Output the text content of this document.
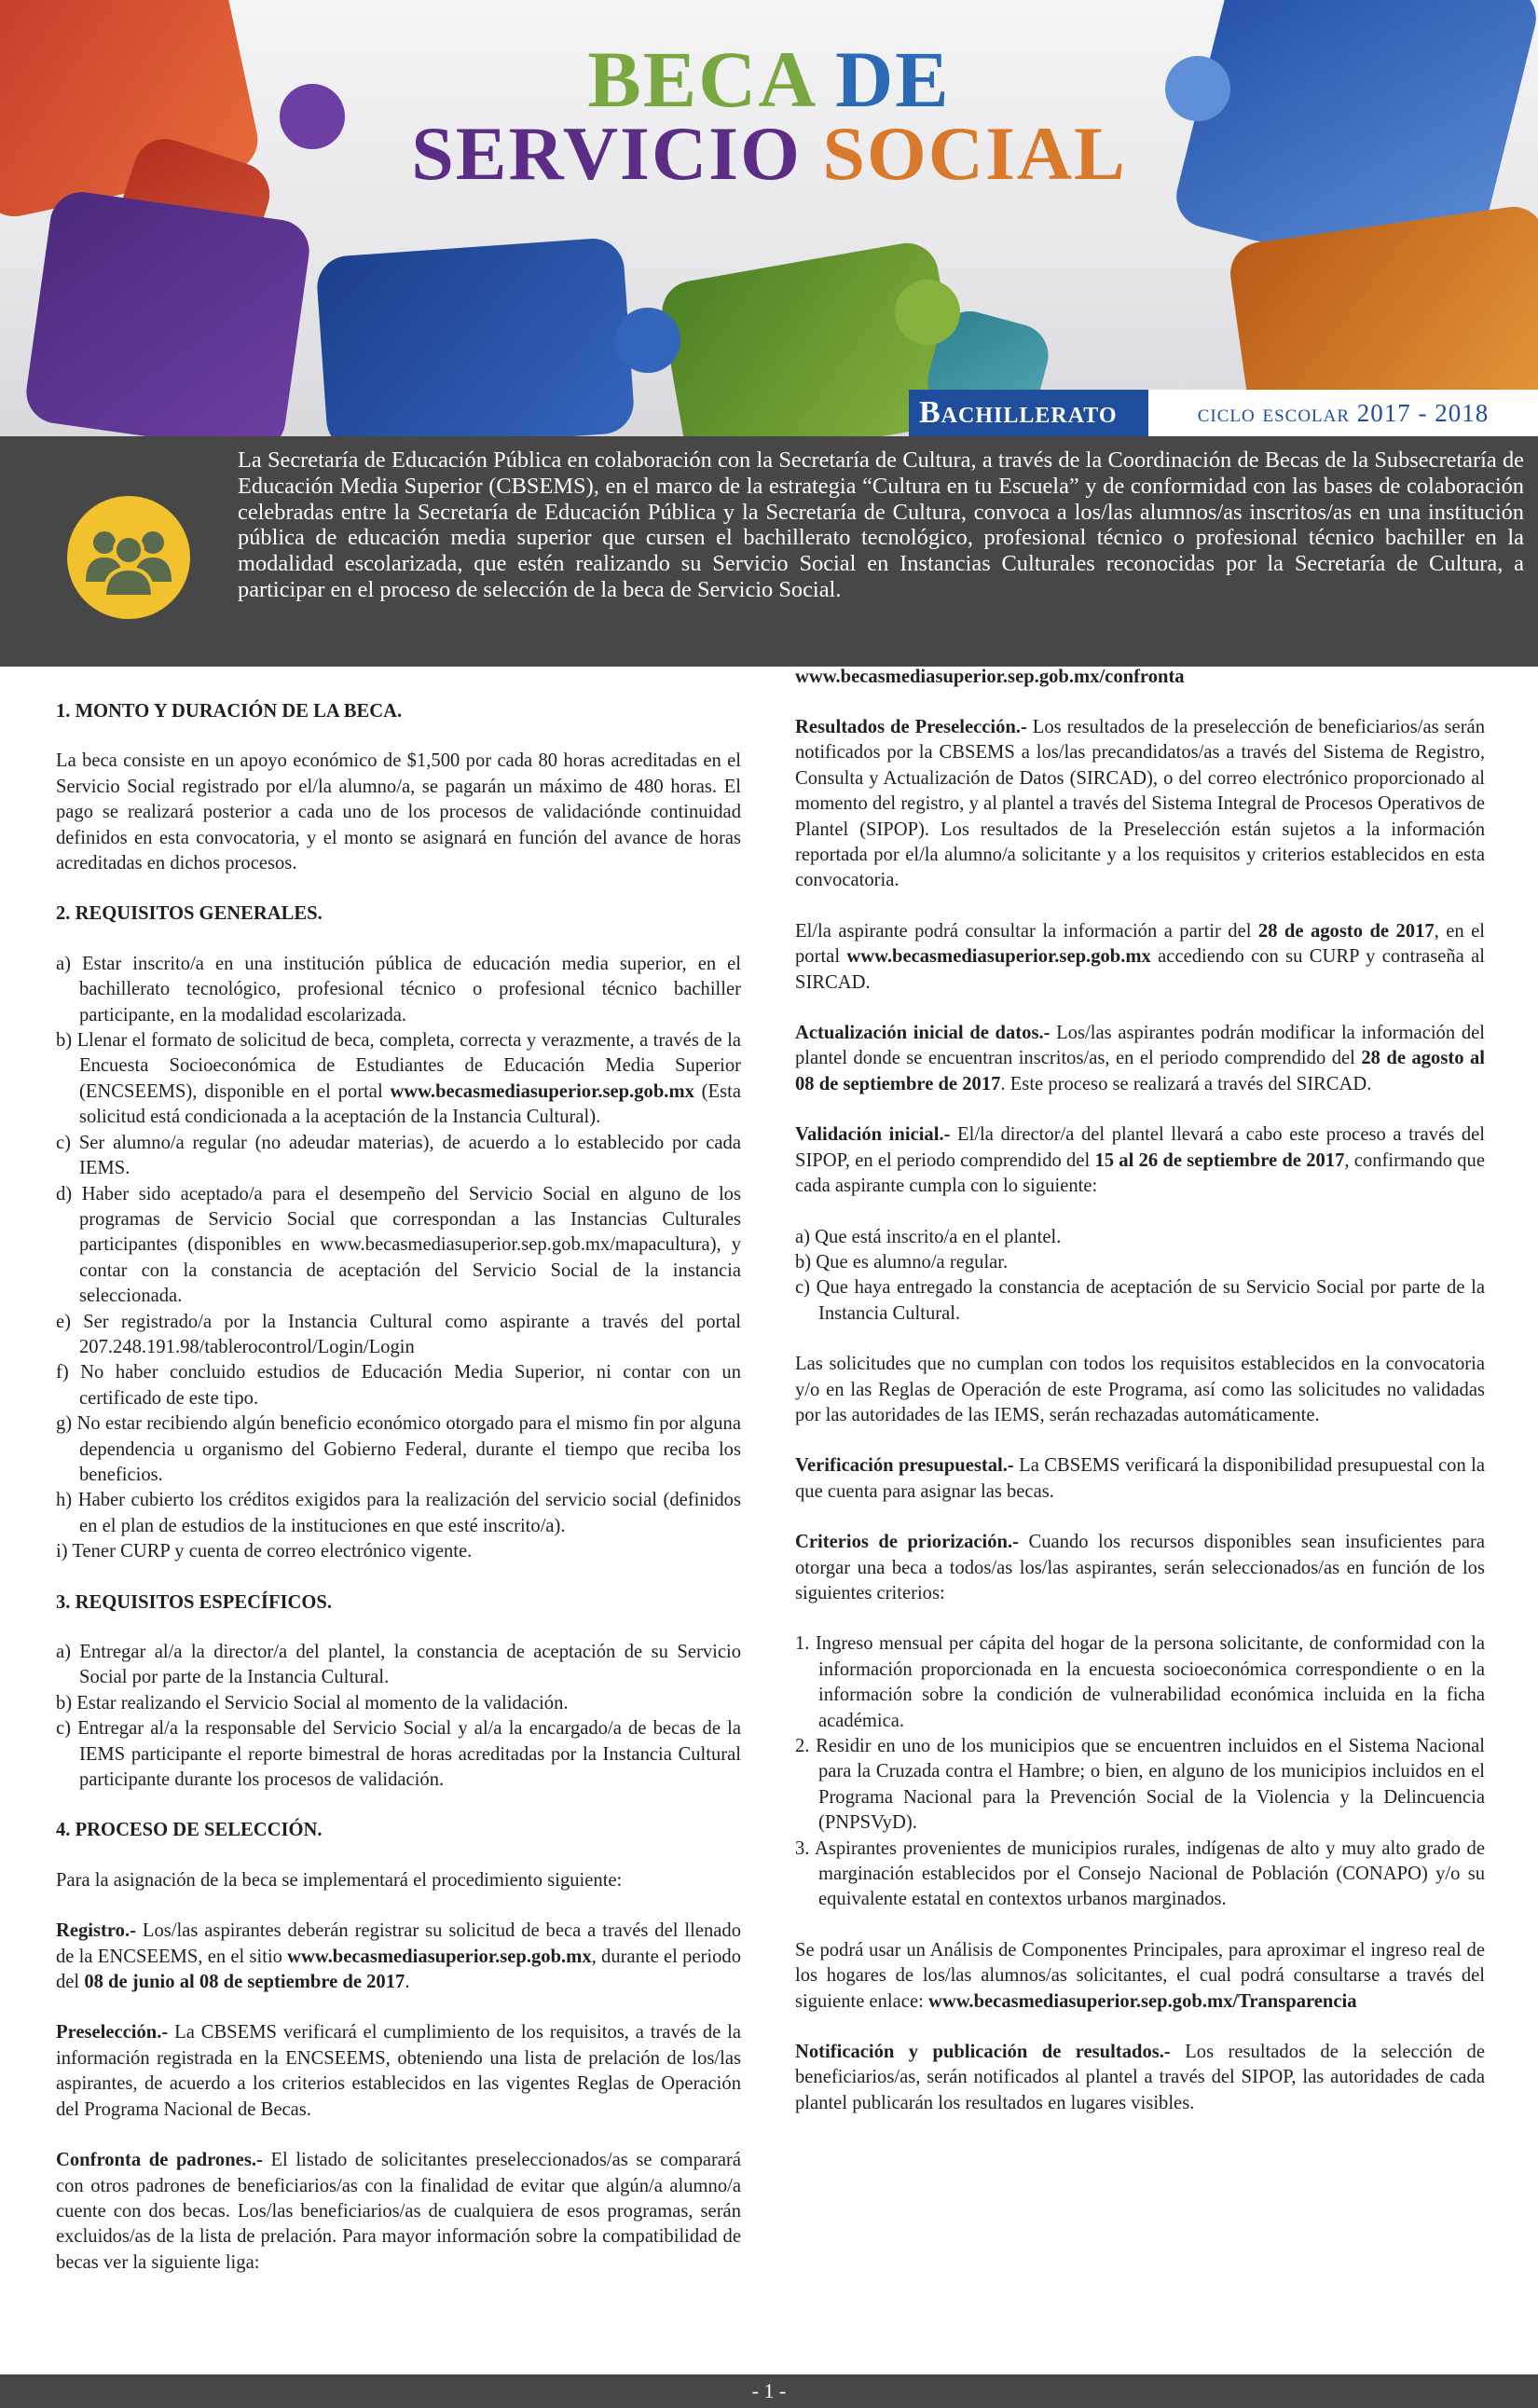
BECA DE
SERVICIO SOCIAL
Bachillerato	ciclo escolar 2017 - 2018

La Secretaría de Educación Pública en colaboración con la Secretaría de Cultura, a través de la Coordinación de Becas de la Subsecretaría de Educación Media Superior (CBSEMS), en el marco de la estrategia “Cultura en tu Escuela” y de conformidad con las bases de colaboración celebradas entre la Secretaría de Educación Pública y la Secretaría de Cultura, convoca a los/las alumnos/as inscritos/as en una institución pública de educación media superior que cursen el bachillerato tecnológico, profesional técnico o profesional técnico bachiller en la modalidad escolarizada, que estén realizando su Servicio Social en Instancias Culturales reconocidas por la Secretaría de Cultura, a participar en el proceso de selección de la beca de Servicio Social.

1. MONTO Y DURACIÓN DE LA BECA.

La beca consiste en un apoyo económico de $1,500 por cada 80 horas acreditadas en el Servicio Social registrado por el/la alumno/a, se pagarán un máximo de 480 horas. El pago se realizará posterior a cada uno de los procesos de validaciónde continuidad definidos en esta convocatoria, y el monto se asignará en función del avance de horas acreditadas en dichos procesos.

2. REQUISITOS GENERALES.
a) Estar inscrito/a en una institución pública de educación media superior, en el bachillerato tecnológico, profesional técnico o profesional técnico bachiller participante, en la modalidad escolarizada.
b) Llenar el formato de solicitud de beca, completa, correcta y verazmente, a través de la Encuesta Socioeconómica de Estudiantes de Educación Media Superior (ENCSEEMS), disponible en el portal www.becasmediasuperior.sep.gob.mx (Esta solicitud está condicionada a la aceptación de la Instancia Cultural).
c) Ser alumno/a regular (no adeudar materias), de acuerdo a lo establecido por cada IEMS.
d) Haber sido aceptado/a para el desempeño del Servicio Social en alguno de los programas de Servicio Social que correspondan a las Instancias Culturales participantes (disponibles en www.becasmediasuperior.sep.gob.mx/mapacultura), y contar con la constancia de aceptación del Servicio Social de la instancia seleccionada.
e) Ser registrado/a por la Instancia Cultural como aspirante a través del portal 207.248.191.98/tablerocontrol/Login/Login
f) No haber concluido estudios de Educación Media Superior, ni contar con un certificado de este tipo.
g) No estar recibiendo algún beneficio económico otorgado para el mismo fin por alguna dependencia u organismo del Gobierno Federal, durante el tiempo que reciba los beneficios.
h) Haber cubierto los créditos exigidos para la realización del servicio social (definidos en el plan de estudios de la instituciones en que esté inscrito/a).
i) Tener CURP y cuenta de correo electrónico vigente.
3. REQUISITOS ESPECÍFICOS.
a) Entregar al/a la director/a del plantel, la constancia de aceptación de su Servicio Social por parte de la Instancia Cultural.
b) Estar realizando el Servicio Social al momento de la validación.
c) Entregar al/a la responsable del Servicio Social y al/a la encargado/a de becas de la IEMS participante el reporte bimestral de horas acreditadas por la Instancia Cultural participante durante los procesos de validación.
4. PROCESO DE SELECCIÓN.

Para la asignación de la beca se implementará el procedimiento siguiente:

Registro.- Los/las aspirantes deberán registrar su solicitud de beca a través del llenado de la ENCSEEMS, en el sitio www.becasmediasuperior.sep.gob.mx, durante el periodo del 08 de junio al 08 de septiembre de 2017.

Preselección.- La CBSEMS verificará el cumplimiento de los requisitos, a través de la información registrada en la ENCSEEMS, obteniendo una lista de prelación de los/las aspirantes, de acuerdo a los criterios establecidos en las vigentes Reglas de Operación del Programa Nacional de Becas.

Confronta de padrones.- El listado de solicitantes preseleccionados/as se comparará con otros padrones de beneficiarios/as con la finalidad de evitar que algún/a alumno/a cuente con dos becas. Los/las beneficiarios/as de cualquiera de esos programas, serán excluidos/as de la lista de prelación. Para mayor información sobre la compatibilidad de becas ver la siguiente liga:

www.becasmediasuperior.sep.gob.mx/confronta

Resultados de Preselección.- Los resultados de la preselección de beneficiarios/as serán notificados por la CBSEMS a los/las precandidatos/as a través del Sistema de Registro, Consulta y Actualización de Datos (SIRCAD), o del correo electrónico proporcionado al momento del registro, y al plantel a través del Sistema Integral de Procesos Operativos de Plantel (SIPOP). Los resultados de la Preselección están sujetos a la información reportada por el/la alumno/a solicitante y a los requisitos y criterios establecidos en esta convocatoria.

El/la aspirante podrá consultar la información a partir del 28 de agosto de 2017, en el portal www.becasmediasuperior.sep.gob.mx accediendo con su CURP y contraseña al SIRCAD.

Actualización inicial de datos.- Los/las aspirantes podrán modificar la información del plantel donde se encuentran inscritos/as, en el periodo comprendido del 28 de agosto al 08 de septiembre de 2017. Este proceso se realizará a través del SIRCAD.

Validación inicial.- El/la director/a del plantel llevará a cabo este proceso a través del SIPOP, en el periodo comprendido del 15 al 26 de septiembre de 2017, confirmando que cada aspirante cumpla con lo siguiente:

a) Que está inscrito/a en el plantel.
b) Que es alumno/a regular.
c) Que haya entregado la constancia de aceptación de su Servicio Social por parte de la Instancia Cultural.

Las solicitudes que no cumplan con todos los requisitos establecidos en la convocatoria y/o en las Reglas de Operación de este Programa, así como las solicitudes no validadas por las autoridades de las IEMS, serán rechazadas automáticamente.

Verificación presupuestal.- La CBSEMS verificará la disponibilidad presupuestal con la que cuenta para asignar las becas.

Criterios de priorización.- Cuando los recursos disponibles sean insuficientes para otorgar una beca a todos/as los/las aspirantes, serán seleccionados/as en función de los siguientes criterios:

1. Ingreso mensual per cápita del hogar de la persona solicitante, de conformidad con la información proporcionada en la encuesta socioeconómica correspondiente o en la información sobre la condición de vulnerabilidad económica incluida en la ficha académica.
2. Residir en uno de los municipios que se encuentren incluidos en el Sistema Nacional para la Cruzada contra el Hambre; o bien, en alguno de los municipios incluidos en el Programa Nacional para la Prevención Social de la Violencia y la Delincuencia (PNPSVyD).
3. Aspirantes provenientes de municipios rurales, indígenas de alto y muy alto grado de marginación establecidos por el Consejo Nacional de Población (CONAPO) y/o su equivalente estatal en contextos urbanos marginados.

Se podrá usar un Análisis de Componentes Principales, para aproximar el ingreso real de los hogares de los/las alumnos/as solicitantes, el cual podrá consultarse a través del siguiente enlace: www.becasmediasuperior.sep.gob.mx/Transparencia

Notificación y publicación de resultados.- Los resultados de la selección de beneficiarios/as, serán notificados al plantel a través del SIPOP, las autoridades de cada plantel publicarán los resultados en lugares visibles.

- 1 -
